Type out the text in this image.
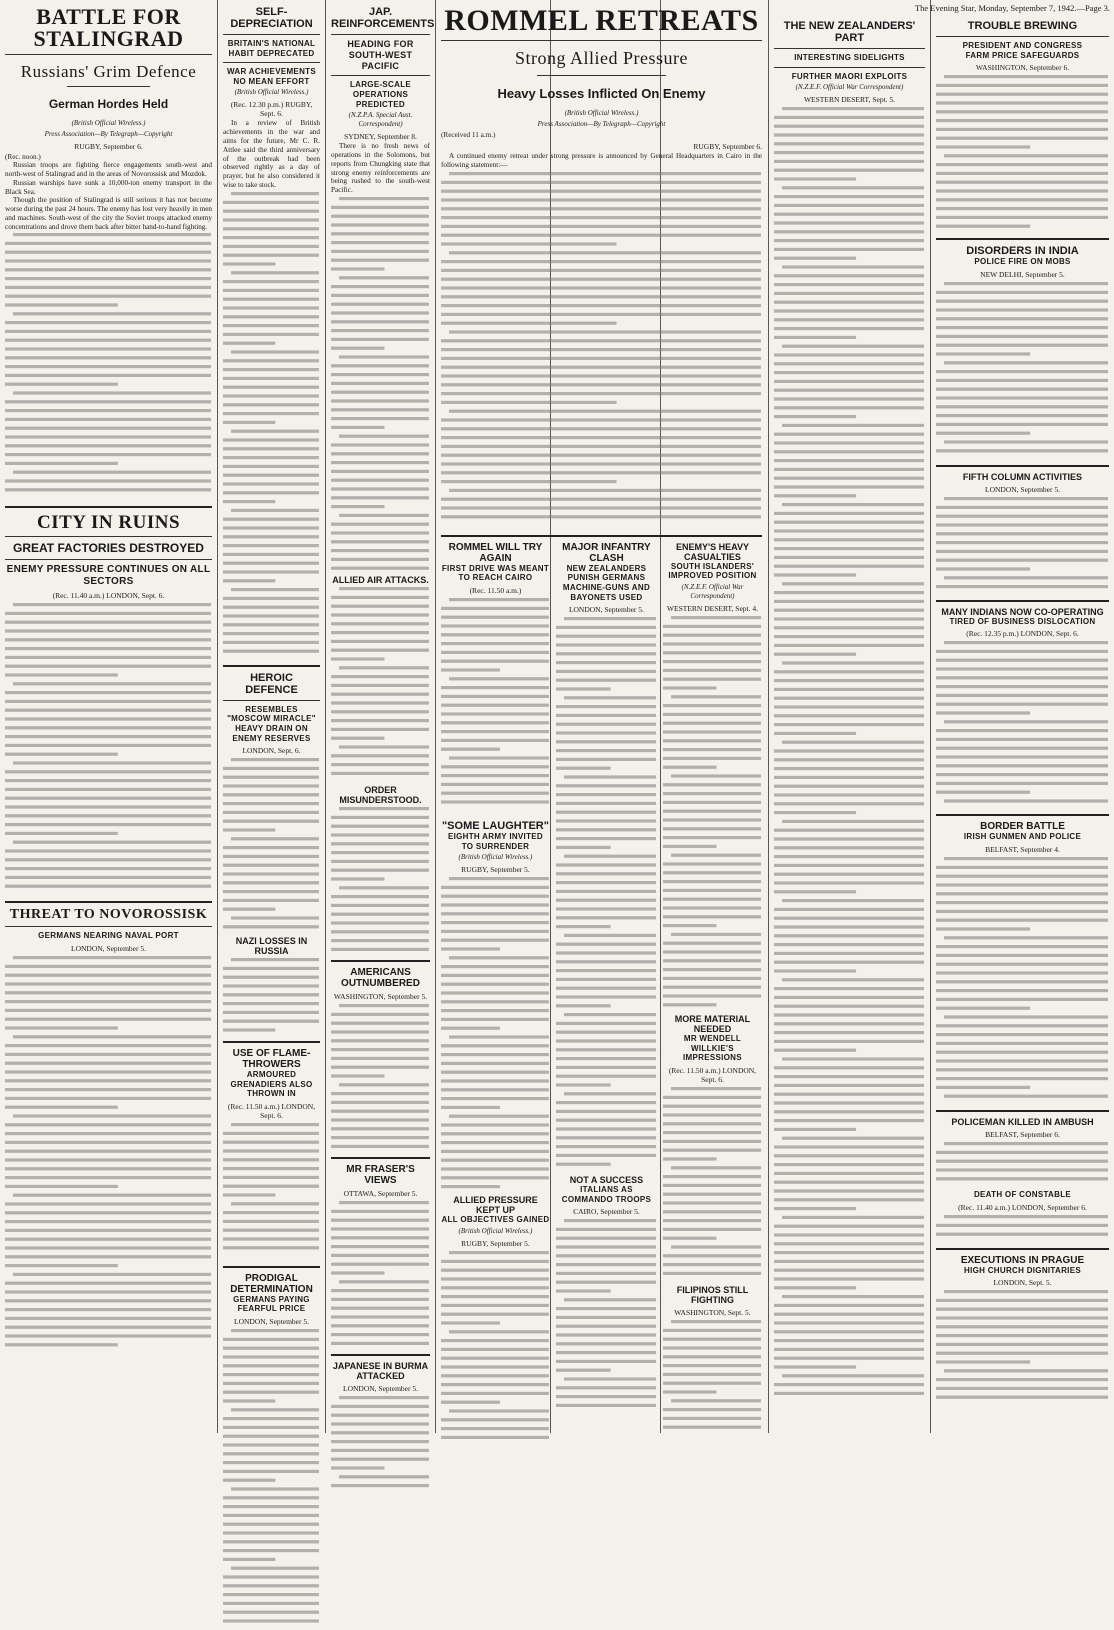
BATTLE FOR STALINGRAD
Russians' Grim Defence
German Hordes Held
(British Official Wireless.)
Press Association—By Telegraph—Copyright
RUGBY, September 6.
(Rec. noon.)

Russian troops are fighting fierce engagements south-west and north-west of Stalingrad and in the areas of Novorossisk and Mozdok.

Russian warships have sunk a 10,000-ton enemy transport in the Black Sea.

Though the position of Stalingrad is still serious it has not become worse during the past 24 hours. The enemy has lost very heavily in men and machines. South-west of the city the Soviet troops attacked enemy concentrations and drove them back after bitter hand-to-hand fighting.

CITY IN RUINS
GREAT FACTORIES DESTROYED
ENEMY PRESSURE CONTINUES ON ALL SECTORS
(Rec. 11.40 a.m.) LONDON, Sept. 6.
THREAT TO NOVOROSSISK
GERMANS NEARING NAVAL PORT
LONDON, September 5.
SELF-DEPRECIATION
BRITAIN'S NATIONAL HABIT DEPRECATED
WAR ACHIEVEMENTS NO MEAN EFFORT
(British Official Wireless.)
(Rec. 12.30 p.m.) RUGBY, Sept. 6.

In a review of British achievements in the war and aims for the future, Mr C. R. Attlee said the third anniversary of the outbreak had been observed rightly as a day of prayer, but he also considered it wise to take stock.

HEROIC DEFENCE
RESEMBLES "MOSCOW MIRACLE"
HEAVY DRAIN ON ENEMY RESERVES
LONDON, Sept. 6.
NAZI LOSSES IN RUSSIA
USE OF FLAME-THROWERS
ARMOURED GRENADIERS ALSO THROWN IN
(Rec. 11.50 a.m.) LONDON, Sept. 6.
PRODIGAL DETERMINATION
GERMANS PAYING FEARFUL PRICE
LONDON, September 5.
JAP. REINFORCEMENTS
HEADING FOR SOUTH-WEST PACIFIC
LARGE-SCALE OPERATIONS PREDICTED
(N.Z.P.A. Special Aust. Correspondent)
SYDNEY, September 8.

There is no fresh news of operations in the Solomons, but reports from Chungking state that strong enemy reinforcements are being rushed to the south-west Pacific.

ALLIED AIR ATTACKS.
ORDER MISUNDERSTOOD.
AMERICANS OUTNUMBERED
WASHINGTON, September 5.
MR FRASER'S VIEWS
OTTAWA, September 5.
JAPANESE IN BURMA ATTACKED
LONDON, September 5.
ROMMEL RETREATS
Strong Allied Pressure
Heavy Losses Inflicted On Enemy
(British Official Wireless.)
Press Association—By Telegraph—Copyright
(Received 11 a.m.)
RUGBY, September 6.

A continued enemy retreat under strong pressure is announced by General Headquarters in Cairo in the following statement:—

ROMMEL WILL TRY AGAIN
FIRST DRIVE WAS MEANT TO REACH CAIRO
(Rec. 11.50 a.m.)
"SOME LAUGHTER"
EIGHTH ARMY INVITED TO SURRENDER
(British Official Wireless.)
RUGBY, September 5.
ALLIED PRESSURE KEPT UP
ALL OBJECTIVES GAINED
(British Official Wireless.)
RUGBY, September 5.
MAJOR INFANTRY CLASH
NEW ZEALANDERS PUNISH GERMANS
MACHINE-GUNS AND BAYONETS USED
LONDON, September 5.
NOT A SUCCESS
ITALIANS AS COMMANDO TROOPS
CAIRO, September 5.
ENEMY'S HEAVY CASUALTIES
SOUTH ISLANDERS' IMPROVED POSITION
(N.Z.E.F. Official War Correspondent)
WESTERN DESERT, Sept. 4.
MORE MATERIAL NEEDED
MR WENDELL WILLKIE'S IMPRESSIONS
(Rec. 11.50 a.m.) LONDON, Sept. 6.
FILIPINOS STILL FIGHTING
WASHINGTON, Sept. 5.
The Evening Star, Monday, September 7, 1942.—Page 3.
THE NEW ZEALANDERS' PART
INTERESTING SIDELIGHTS
FURTHER MAORI EXPLOITS
(N.Z.E.F. Official War Correspondent)
WESTERN DESERT, Sept. 5.
TROUBLE BREWING
PRESIDENT AND CONGRESS
FARM PRICE SAFEGUARDS
WASHINGTON, September 6.
DISORDERS IN INDIA
POLICE FIRE ON MOBS
NEW DELHI, September 5.
FIFTH COLUMN ACTIVITIES
LONDON, September 5.
MANY INDIANS NOW CO-OPERATING
TIRED OF BUSINESS DISLOCATION
(Rec. 12.35 p.m.) LONDON, Sept. 6.
BORDER BATTLE
IRISH GUNMEN AND POLICE
BELFAST, September 4.
POLICEMAN KILLED IN AMBUSH
BELFAST, September 6.
DEATH OF CONSTABLE
(Rec. 11.40 a.m.) LONDON, September 6.
EXECUTIONS IN PRAGUE
HIGH CHURCH DIGNITARIES
LONDON, Sept. 5.
